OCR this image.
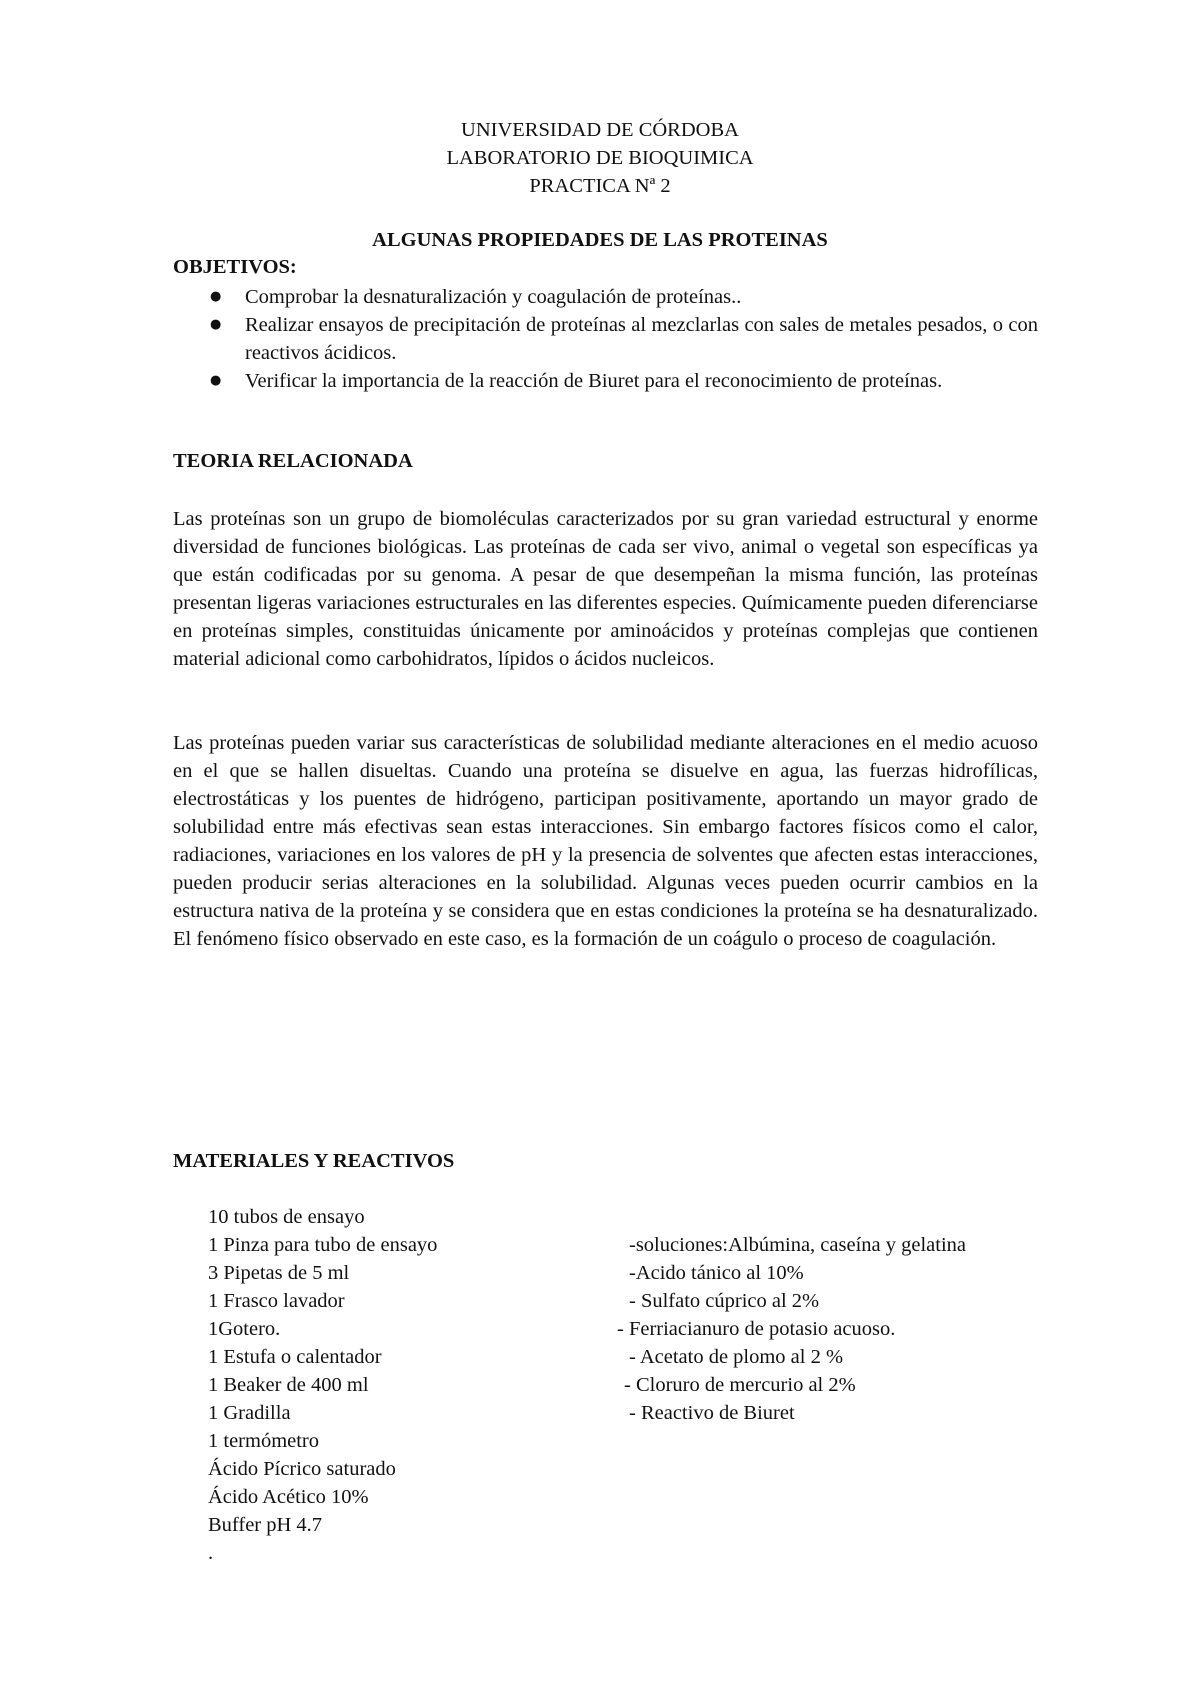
UNIVERSIDAD DE CÓRDOBA
LABORATORIO DE BIOQUIMICA
PRACTICA Nª 2
ALGUNAS PROPIEDADES DE LAS PROTEINAS
OBJETIVOS:
● Comprobar la desnaturalización y coagulación de proteínas..
● Realizar ensayos de precipitación de proteínas al mezclarlas con sales de metales pesados, o con reactivos ácidicos.
● Verificar la importancia de la reacción de Biuret para el reconocimiento de proteínas.
TEORIA RELACIONADA

Las proteínas son un grupo de biomoléculas caracterizados por su gran variedad estructural y enorme diversidad de funciones biológicas. Las proteínas de cada ser vivo, animal o vegetal son específicas ya que están codificadas por su genoma. A pesar de que desempeñan la misma función, las proteínas presentan ligeras variaciones estructurales en las diferentes especies. Químicamente pueden diferenciarse en proteínas simples, constituidas únicamente por aminoácidos y proteínas complejas que contienen material adicional como carbohidratos, lípidos o ácidos nucleicos.

Las proteínas pueden variar sus características de solubilidad mediante alteraciones en el medio acuoso en el que se hallen disueltas. Cuando una proteína se disuelve en agua, las fuerzas hidrofílicas, electrostáticas y los puentes de hidrógeno, participan positivamente, aportando un mayor grado de solubilidad entre más efectivas sean estas interacciones. Sin embargo factores físicos como el calor, radiaciones, variaciones en los valores de pH y la presencia de solventes que afecten estas interacciones, pueden producir serias alteraciones en la solubilidad. Algunas veces pueden ocurrir cambios en la estructura nativa de la proteína y se considera que en estas condiciones la proteína se ha desnaturalizado. El fenómeno físico observado en este caso, es la formación de un coágulo o proceso de coagulación.

MATERIALES Y REACTIVOS
10 tubos de ensayo
1 Pinza para tubo de ensayo
3 Pipetas de 5 ml
1 Frasco lavador
1Gotero.
1 Estufa o calentador
1 Beaker de 400 ml
1 Gradilla
1 termómetro
Ácido Pícrico saturado
Ácido Acético 10%
Buffer pH 4.7
.
-soluciones:Albúmina, caseína y gelatina
-Acido tánico al 10%
- Sulfato cúprico al 2%
- Ferriacianuro de potasio acuoso.
- Acetato de plomo al 2 %
- Cloruro de mercurio al 2%
- Reactivo de Biuret
